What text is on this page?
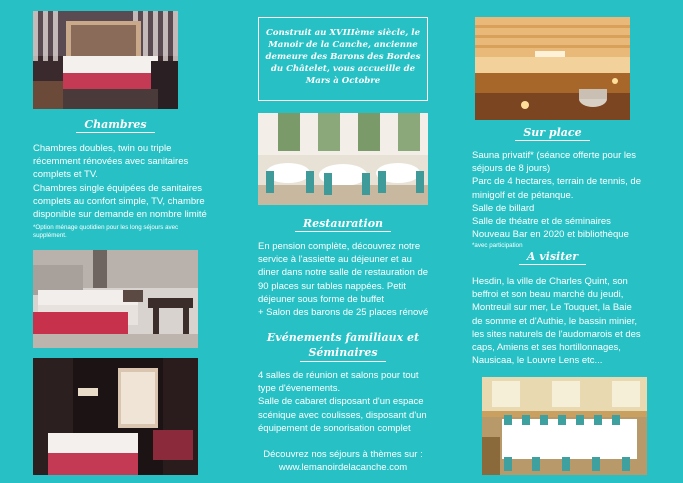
Chambres

Chambres doubles, twin ou triple récemment rénovées avec sanitaires complets et TV.

Chambres single équipées de sanitaires complets au confort simple, TV, chambre disponible sur demande en nombre limité

*Option ménage quotidien pour les long séjours avec supplément.
Construit au XVIIIème siècle, le Manoir de la Canche, ancienne demeure des Barons des Bordes du Châtelet, vous accueille de Mars à Octobre
Restauration

En pension complète, découvrez notre service à l'assiette au déjeuner et au diner dans notre salle de restauration de 90 places sur tables nappées. Petit déjeuner sous forme de buffet

+ Salon des barons de 25 places rénové

Evénements familiaux et
Séminaires

4 salles de réunion et salons pour tout type d'évenements.

Salle de cabaret disposant d'un espace scénique avec coulisses, disposant d'un équipement de sonorisation complet

Découvrez nos séjours à thèmes sur :

www.lemanoirdelacanche.com

Sur place

Sauna privatif* (séance offerte pour les séjours de 8 jours)

Parc de 4 hectares, terrain de tennis, de minigolf et de pétanque.

Salle de billard

Salle de théatre et de séminaires

Nouveau Bar en 2020 et bibliothèque

*avec participation
A visiter
Hesdin, la ville de Charles Quint, son beffroi et son beau marché du jeudi, Montreuil sur mer, Le Touquet, la Baie de somme et d'Authie, le bassin minier, les sites naturels de l'audomarois et des caps, Amiens et ses hortillonnages, Nausicaa, le Louvre Lens etc...
